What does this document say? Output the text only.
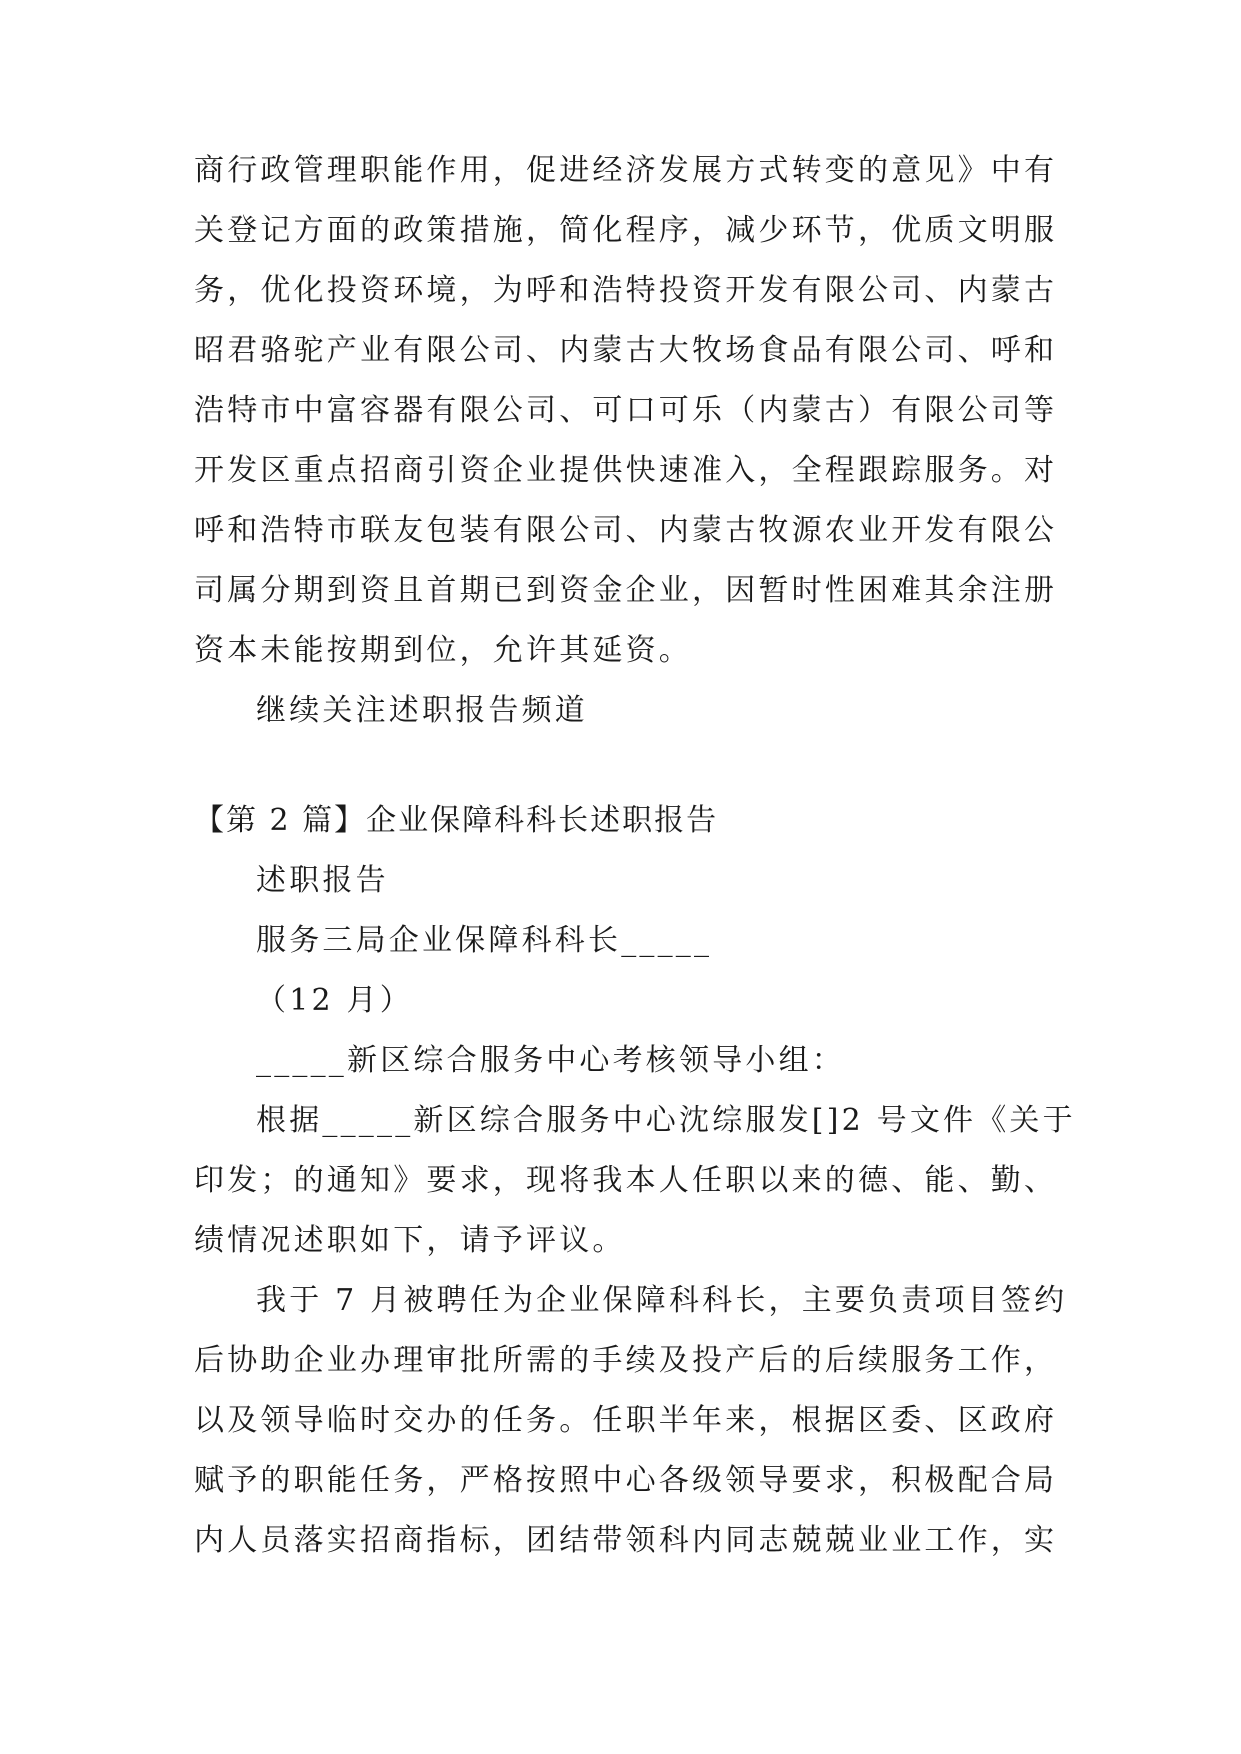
商行政管理职能作用，促进经济发展方式转变的意见》中有
关登记方面的政策措施，简化程序，减少环节，优质文明服
务，优化投资环境，为呼和浩特投资开发有限公司、内蒙古
昭君骆驼产业有限公司、内蒙古大牧场食品有限公司、呼和
浩特市中富容器有限公司、可口可乐（内蒙古）有限公司等
开发区重点招商引资企业提供快速准入，全程跟踪服务。对
呼和浩特市联友包装有限公司、内蒙古牧源农业开发有限公
司属分期到资且首期已到资金企业，因暂时性困难其余注册
资本未能按期到位，允许其延资。
继续关注述职报告频道
【第 2 篇】企业保障科科长述职报告
述职报告
服务三局企业保障科科长_____
（12 月）
_____新区综合服务中心考核领导小组：
根据_____新区综合服务中心沈综服发[]2 号文件《关于
印发；的通知》要求，现将我本人任职以来的德、能、勤、
绩情况述职如下，请予评议。
我于 7 月被聘任为企业保障科科长，主要负责项目签约
后协助企业办理审批所需的手续及投产后的后续服务工作，
以及领导临时交办的任务。任职半年来，根据区委、区政府
赋予的职能任务，严格按照中心各级领导要求，积极配合局
内人员落实招商指标，团结带领科内同志兢兢业业工作，实
